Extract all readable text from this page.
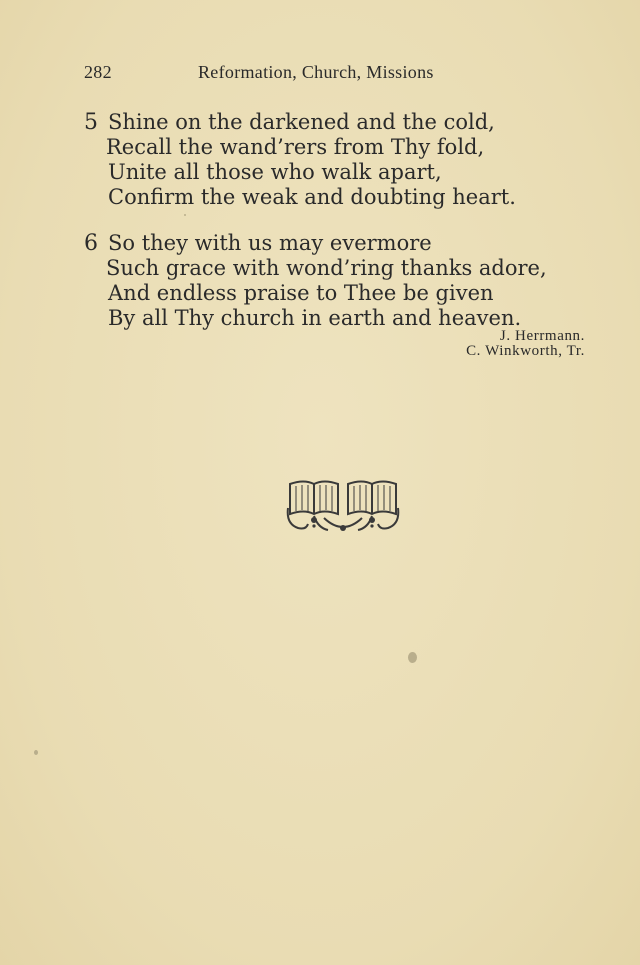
282	Reformation, Church, Missions
5 Shine on the darkened and the cold,
Recall the wand’rers from Thy fold,
Unite all those who walk apart,
Confirm the weak and doubting heart.
6 So they with us may evermore
Such grace with wond’ring thanks adore,
And endless praise to Thee be given
By all Thy church in earth and heaven.
J. Herrmann.
C. Winkworth, Tr.
